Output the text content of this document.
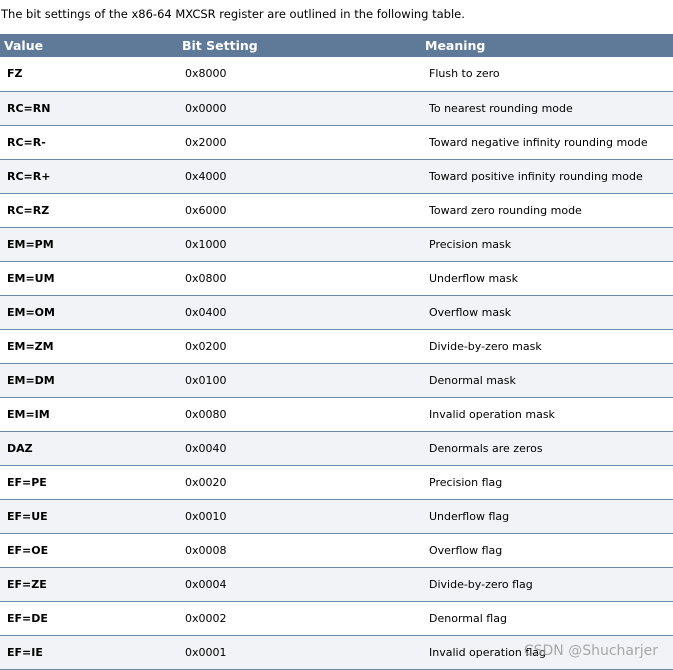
The bit settings of the x86-64 MXCSR register are outlined in the following table.
Value	Bit Setting	Meaning
FZ	0x8000	Flush to zero
RC=RN	0x0000	To nearest rounding mode
RC=R-	0x2000	Toward negative infinity rounding mode
RC=R+	0x4000	Toward positive infinity rounding mode
RC=RZ	0x6000	Toward zero rounding mode
EM=PM	0x1000	Precision mask
EM=UM	0x0800	Underflow mask
EM=OM	0x0400	Overflow mask
EM=ZM	0x0200	Divide-by-zero mask
EM=DM	0x0100	Denormal mask
EM=IM	0x0080	Invalid operation mask
DAZ	0x0040	Denormals are zeros
EF=PE	0x0020	Precision flag
EF=UE	0x0010	Underflow flag
EF=OE	0x0008	Overflow flag
EF=ZE	0x0004	Divide-by-zero flag
EF=DE	0x0002	Denormal flag
EF=IE	0x0001	Invalid operation flag
CSDN @Shucharjer
